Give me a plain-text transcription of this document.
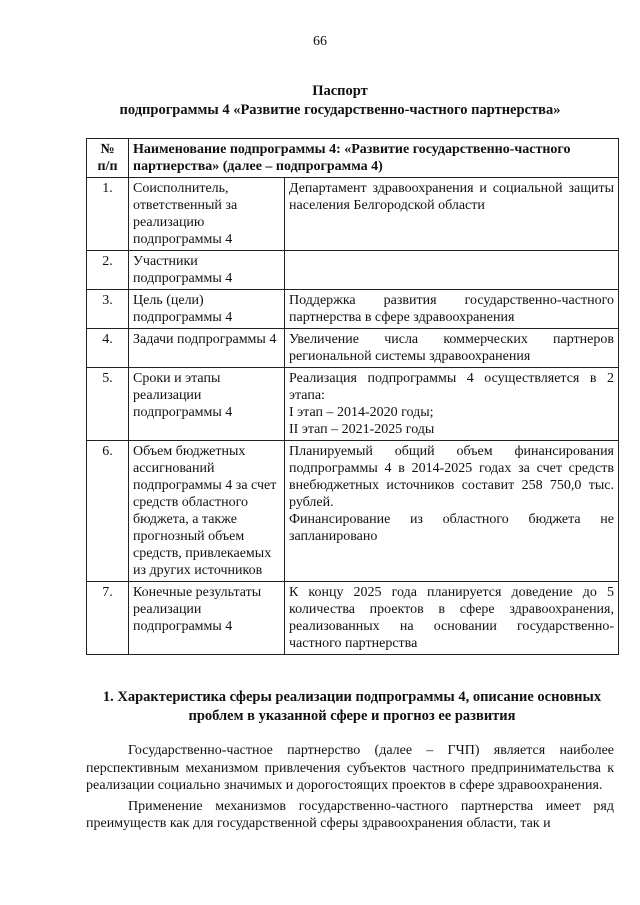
66
Паспорт
подпрограммы 4 «Развитие государственно-частного партнерства»
№
п/п	Наименование подпрограммы 4: «Развитие государственно-частного партнерства» (далее – подпрограмма 4)	
1.	Соисполнитель, ответственный за реализацию подпрограммы 4	Департамент здравоохранения и социальной защиты населения Белгородской области
2.	Участники подпрограммы 4	
3.	Цель (цели) подпрограммы 4	Поддержка развития государственно-частного партнерства в сфере здравоохранения
4.	Задачи подпрограммы 4	Увеличение числа коммерческих партнеров региональной системы здравоохранения
5.	Сроки и этапы реализации подпрограммы 4	Реализация подпрограммы 4 осуществляется в 2 этапа:
I этап – 2014-2020 годы;
II этап – 2021-2025 годы
6.	Объем бюджетных ассигнований подпрограммы 4 за счет средств областного бюджета, а также прогнозный объем средств, привлекаемых из других источников	Планируемый общий объем финансирования подпрограммы 4 в 2014-2025 годах за счет средств внебюджетных источников составит 258 750,0 тыс. рублей.
Финансирование из областного бюджета не запланировано
7.	Конечные результаты реализации подпрограммы 4	К концу 2025 года планируется доведение до 5 количества проектов в сфере здравоохранения, реализованных на основании государственно-частного партнерства
1. Характеристика сферы реализации подпрограммы 4, описание основных проблем в указанной сфере и прогноз ее развития

Государственно-частное партнерство (далее – ГЧП) является наиболее перспективным механизмом привлечения субъектов частного предпринимательства к реализации социально значимых и дорогостоящих проектов в сфере здравоохранения.

Применение механизмов государственно-частного партнерства имеет ряд преимуществ как для государственной сферы здравоохранения области, так и
